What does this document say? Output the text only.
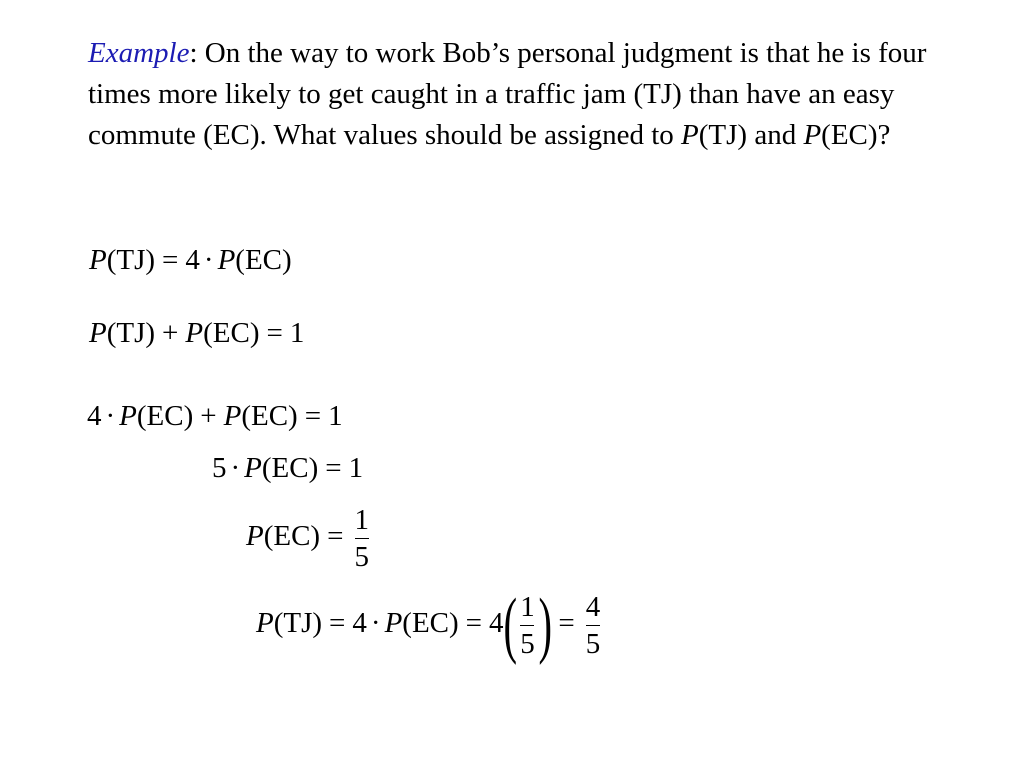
Example: On the way to work Bob’s personal judgment is that he is four times more likely to get caught in a traffic jam (TJ) than have an easy commute (EC). What values should be assigned to P(TJ) and P(EC)?

P(TJ) = 4 · P(EC)
P(TJ) + P(EC) = 1
4 · P(EC) + P(EC) = 1
5 · P(EC) = 1
$P(EC) = \frac{1}{5}$
$P(TJ) = 4 \cdot P(EC) = 4( \frac{1}{5}$ ) = $\frac{4}{5}$
